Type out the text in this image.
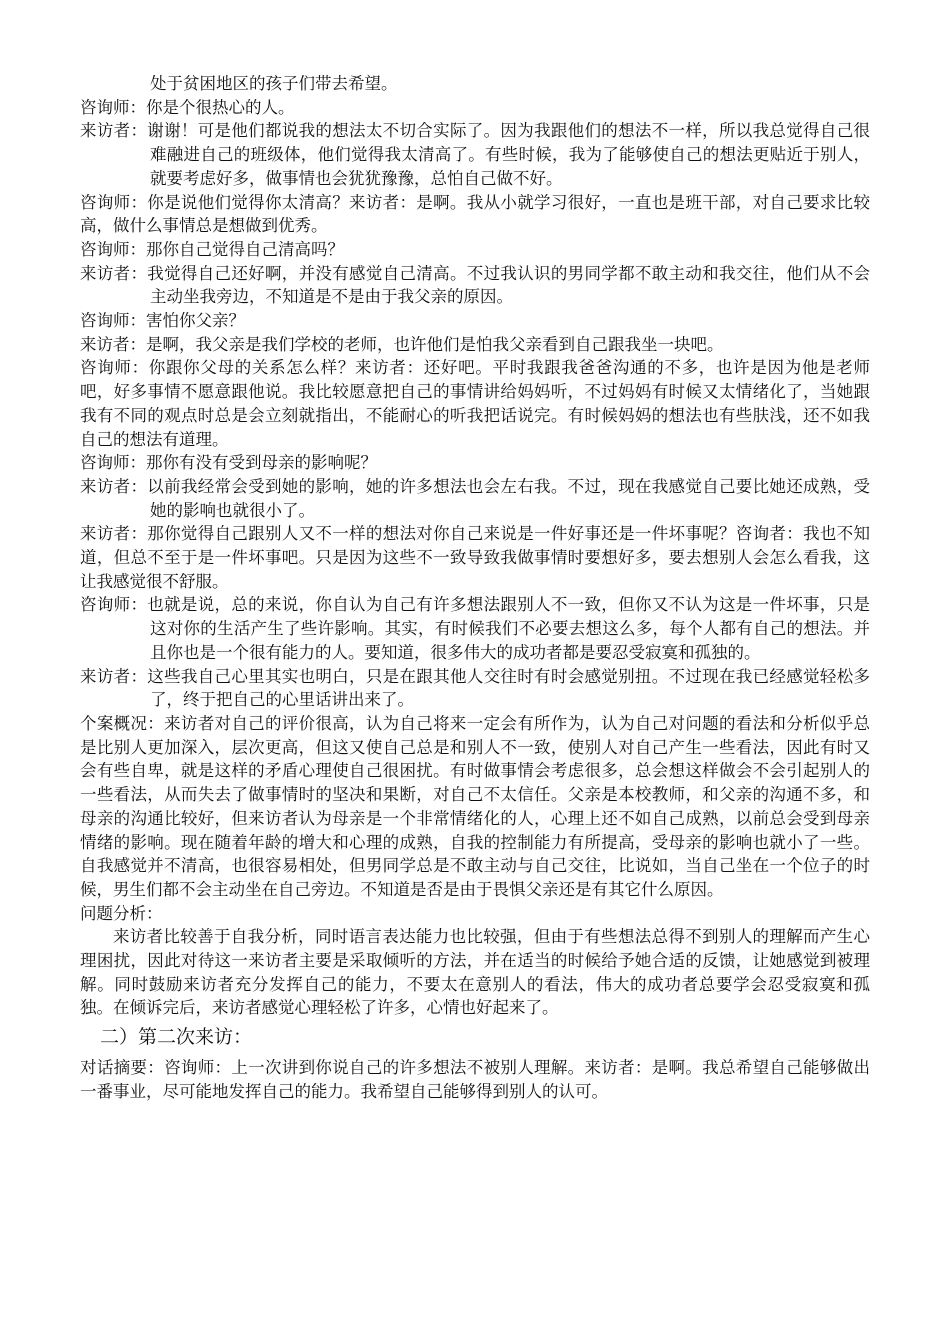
处于贫困地区的孩子们带去希望。

咨询师：你是个很热心的人。

来访者：谢谢！可是他们都说我的想法太不切合实际了。因为我跟他们的想法不一样，所以我总觉得自己很难融进自己的班级体，他们觉得我太清高了。有些时候，我为了能够使自己的想法更贴近于别人，就要考虑好多，做事情也会犹犹豫豫，总怕自己做不好。

咨询师：你是说他们觉得你太清高？来访者：是啊。我从小就学习很好，一直也是班干部，对自己要求比较高，做什么事情总是想做到优秀。

咨询师：那你自己觉得自己清高吗？

来访者：我觉得自己还好啊，并没有感觉自己清高。不过我认识的男同学都不敢主动和我交往，他们从不会主动坐我旁边，不知道是不是由于我父亲的原因。

咨询师：害怕你父亲？

来访者：是啊，我父亲是我们学校的老师，也许他们是怕我父亲看到自己跟我坐一块吧。

咨询师：你跟你父母的关系怎么样？来访者：还好吧。平时我跟我爸爸沟通的不多，也许是因为他是老师吧，好多事情不愿意跟他说。我比较愿意把自己的事情讲给妈妈听，不过妈妈有时候又太情绪化了，当她跟我有不同的观点时总是会立刻就指出，不能耐心的听我把话说完。有时候妈妈的想法也有些肤浅，还不如我自己的想法有道理。

咨询师：那你有没有受到母亲的影响呢？

来访者：以前我经常会受到她的影响，她的许多想法也会左右我。不过，现在我感觉自己要比她还成熟，受她的影响也就很小了。

来访者：那你觉得自己跟别人又不一样的想法对你自己来说是一件好事还是一件坏事呢？咨询者：我也不知道，但总不至于是一件坏事吧。只是因为这些不一致导致我做事情时要想好多，要去想别人会怎么看我，这让我感觉很不舒服。

咨询师：也就是说，总的来说，你自认为自己有许多想法跟别人不一致，但你又不认为这是一件坏事，只是这对你的生活产生了些许影响。其实，有时候我们不必要去想这么多，每个人都有自己的想法。并且你也是一个很有能力的人。要知道，很多伟大的成功者都是要忍受寂寞和孤独的。

来访者：这些我自己心里其实也明白，只是在跟其他人交往时有时会感觉别扭。不过现在我已经感觉轻松多了，终于把自己的心里话讲出来了。

个案概况：来访者对自己的评价很高，认为自己将来一定会有所作为，认为自己对问题的看法和分析似乎总是比别人更加深入，层次更高，但这又使自己总是和别人不一致，使别人对自己产生一些看法，因此有时又会有些自卑，就是这样的矛盾心理使自己很困扰。有时做事情会考虑很多，总会想这样做会不会引起别人的一些看法，从而失去了做事情时的坚决和果断，对自己不太信任。父亲是本校教师，和父亲的沟通不多，和母亲的沟通比较好，但来访者认为母亲是一个非常情绪化的人，心理上还不如自己成熟，以前总会受到母亲情绪的影响。现在随着年龄的增大和心理的成熟，自我的控制能力有所提高，受母亲的影响也就小了一些。自我感觉并不清高，也很容易相处，但男同学总是不敢主动与自己交往，比说如，当自己坐在一个位子的时候，男生们都不会主动坐在自己旁边。不知道是否是由于畏惧父亲还是有其它什么原因。

问题分析：

来访者比较善于自我分析，同时语言表达能力也比较强，但由于有些想法总得不到别人的理解而产生心理困扰，因此对待这一来访者主要是采取倾听的方法，并在适当的时候给予她合适的反馈，让她感觉到被理解。同时鼓励来访者充分发挥自己的能力，不要太在意别人的看法，伟大的成功者总要学会忍受寂寞和孤独。在倾诉完后，来访者感觉心理轻松了许多，心情也好起来了。

二）第二次来访：

对话摘要：咨询师：上一次讲到你说自己的许多想法不被别人理解。来访者：是啊。我总希望自己能够做出一番事业，尽可能地发挥自己的能力。我希望自己能够得到别人的认可。
